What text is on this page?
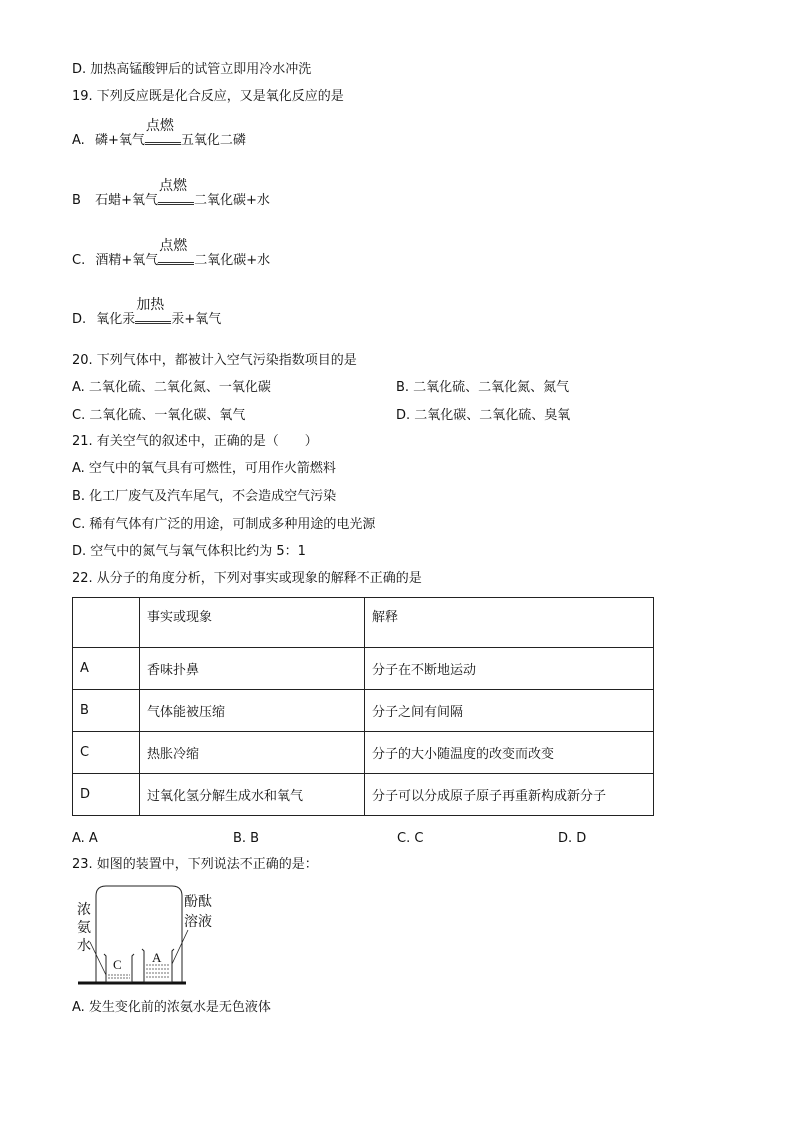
D. 加热高锰酸钾后的试管立即用冷水冲洗
19. 下列反应既是化合反应，又是氧化反应的是
A. 磷+氧气
点燃
五氧化二磷
B 石蜡+氧气
点燃
二氧化碳+水
C. 酒精+氧气
点燃
二氧化碳+水
D. 氧化汞
加热
汞+氧气
20. 下列气体中，都被计入空气污染指数项目的是
A. 二氧化硫、二氧化氮、一氧化碳	B. 二氧化硫、二氧化氮、氮气
C. 二氧化硫、一氧化碳、氧气	D. 二氧化碳、二氧化硫、臭氧
21. 有关空气的叙述中，正确的是（　　）
A. 空气中的氧气具有可燃性，可用作火箭燃料
B. 化工厂废气及汽车尾气，不会造成空气污染
C. 稀有气体有广泛的用途，可制成多种用途的电光源
D. 空气中的氮气与氧气体积比约为 5：1
22. 从分子的角度分析，下列对事实或现象的解释不正确的是
	事实或现象	解释
A	香味扑鼻	分子在不断地运动
B	气体能被压缩	分子之间有间隔
C	热胀冷缩	分子的大小随温度的改变而改变
D	过氧化氢分解生成水和氧气	分子可以分成原子原子再重新构成新分子
A. A	B. B	C. C	D. D
23. 如图的装置中，下列说法不正确的是：
C A
浓
氨
水
酚酞
溶液
A. 发生变化前的浓氨水是无色液体
